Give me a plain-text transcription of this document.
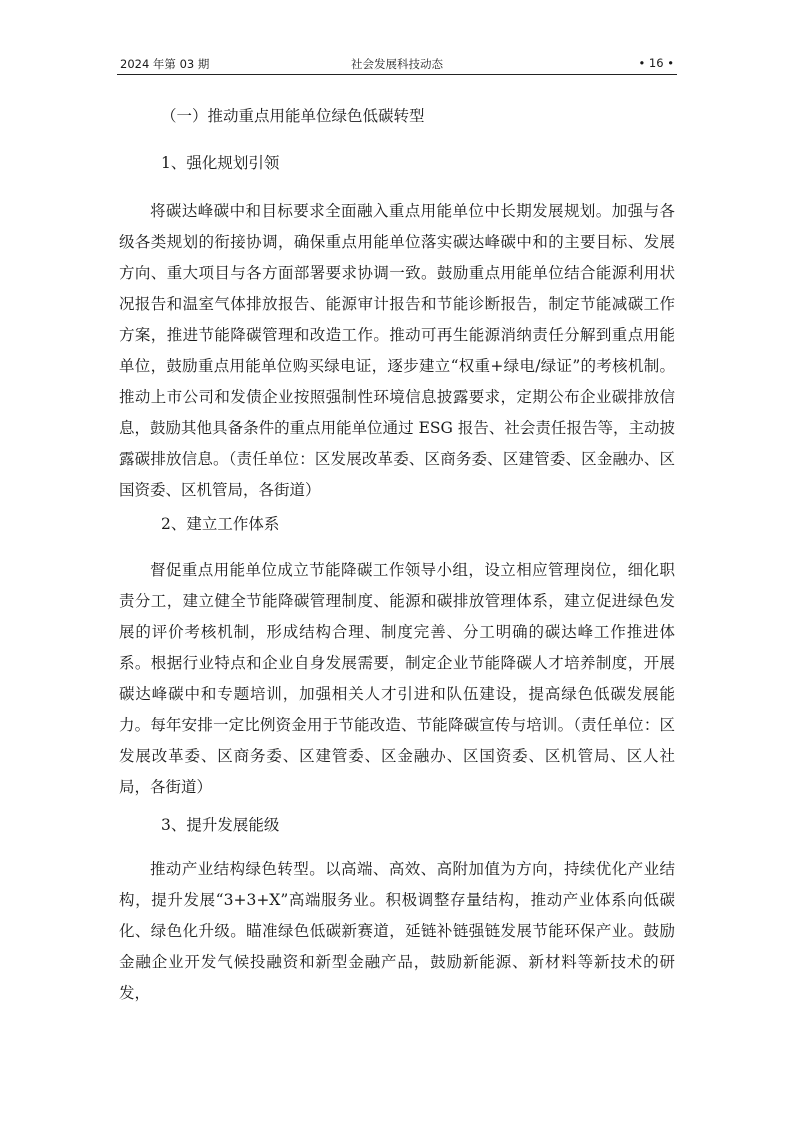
2024 年第 03 期	社会发展科技动态	• 16 •
（一）推动重点用能单位绿色低碳转型
1、强化规划引领

将碳达峰碳中和目标要求全面融入重点用能单位中长期发展规划。加强与各级各类规划的衔接协调，确保重点用能单位落实碳达峰碳中和的主要目标、发展方向、重大项目与各方面部署要求协调一致。鼓励重点用能单位结合能源利用状况报告和温室气体排放报告、能源审计报告和节能诊断报告，制定节能减碳工作方案，推进节能降碳管理和改造工作。推动可再生能源消纳责任分解到重点用能单位，鼓励重点用能单位购买绿电证，逐步建立“权重+绿电/绿证”的考核机制。推动上市公司和发债企业按照强制性环境信息披露要求，定期公布企业碳排放信息，鼓励其他具备条件的重点用能单位通过 ESG 报告、社会责任报告等，主动披露碳排放信息。（责任单位：区发展改革委、区商务委、区建管委、区金融办、区国资委、区机管局，各街道）

2、建立工作体系

督促重点用能单位成立节能降碳工作领导小组，设立相应管理岗位，细化职责分工，建立健全节能降碳管理制度、能源和碳排放管理体系，建立促进绿色发展的评价考核机制，形成结构合理、制度完善、分工明确的碳达峰工作推进体系。根据行业特点和企业自身发展需要，制定企业节能降碳人才培养制度，开展碳达峰碳中和专题培训，加强相关人才引进和队伍建设，提高绿色低碳发展能力。每年安排一定比例资金用于节能改造、节能降碳宣传与培训。（责任单位：区发展改革委、区商务委、区建管委、区金融办、区国资委、区机管局、区人社局，各街道）

3、提升发展能级

推动产业结构绿色转型。以高端、高效、高附加值为方向，持续优化产业结构，提升发展“3+3+X”高端服务业。积极调整存量结构，推动产业体系向低碳化、绿色化升级。瞄准绿色低碳新赛道，延链补链强链发展节能环保产业。鼓励金融企业开发气候投融资和新型金融产品，鼓励新能源、新材料等新技术的研发，
